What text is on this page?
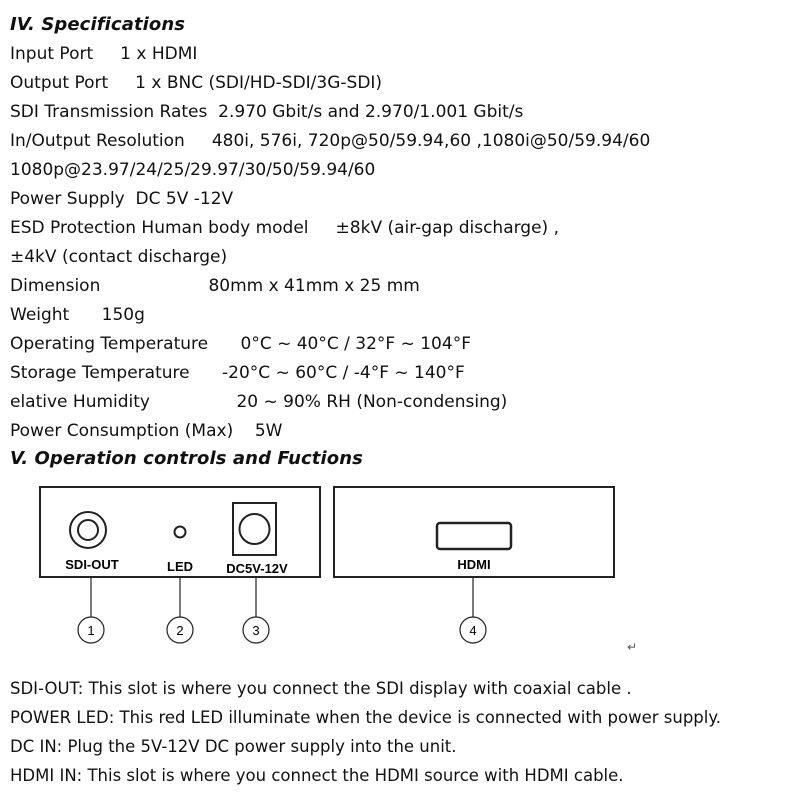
IV. Specifications
Input Port     1 x HDMI
Output Port     1 x BNC (SDI/HD-SDI/3G-SDI)
SDI Transmission Rates  2.970 Gbit/s and 2.970/1.001 Gbit/s
In/Output Resolution     480i, 576i, 720p@50/59.94,60 ,1080i@50/59.94/60
1080p@23.97/24/25/29.97/30/50/59.94/60
Power Supply  DC 5V -12V
ESD Protection Human body model     ±8kV (air-gap discharge) ,
±4kV (contact discharge)
Dimension                    80mm x 41mm x 25 mm
Weight      150g
Operating Temperature      0°C ~ 40°C / 32°F ~ 104°F
Storage Temperature      -20°C ~ 60°C / -4°F ~ 140°F
elative Humidity                20 ~ 90% RH (Non-condensing)
Power Consumption (Max)    5W
V. Operation controls and Fuctions
SDI-OUT	LED	DC5V-12V	HDMI
1	2	3	4
↵
SDI-OUT: This slot is where you connect the SDI display with coaxial cable .
POWER LED: This red LED illuminate when the device is connected with power supply.
DC IN: Plug the 5V-12V DC power supply into the unit.
HDMI IN: This slot is where you connect the HDMI source with HDMI cable.
